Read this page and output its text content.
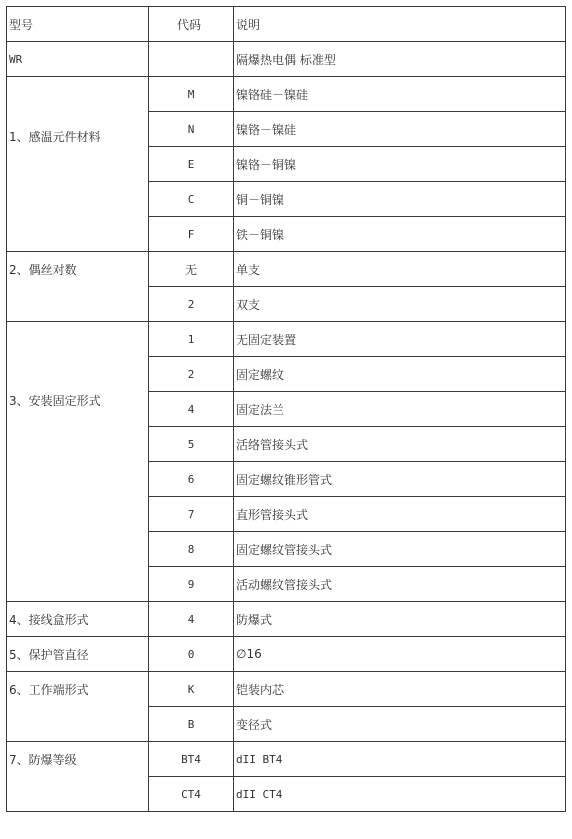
型号	代码	说明
WR		隔爆热电偶 标准型
1、感温元件材料	M	镍铬硅－镍硅
	N	镍铬－镍硅
	E	镍铬－铜镍
	C	铜－铜镍
	F	铁－铜镍
2、偶丝对数	无	单支
	2	双支
3、安装固定形式	1	无固定装置
	2	固定螺纹
	4	固定法兰
	5	活络管接头式
	6	固定螺纹锥形管式
	7	直形管接头式
	8	固定螺纹管接头式
	9	活动螺纹管接头式
4、接线盒形式	4	防爆式
5、保护管直径	0	∅16
6、工作端形式	K	铠装内芯
	B	变径式
7、防爆等级	BT4	dII BT4
	CT4	dII CT4
